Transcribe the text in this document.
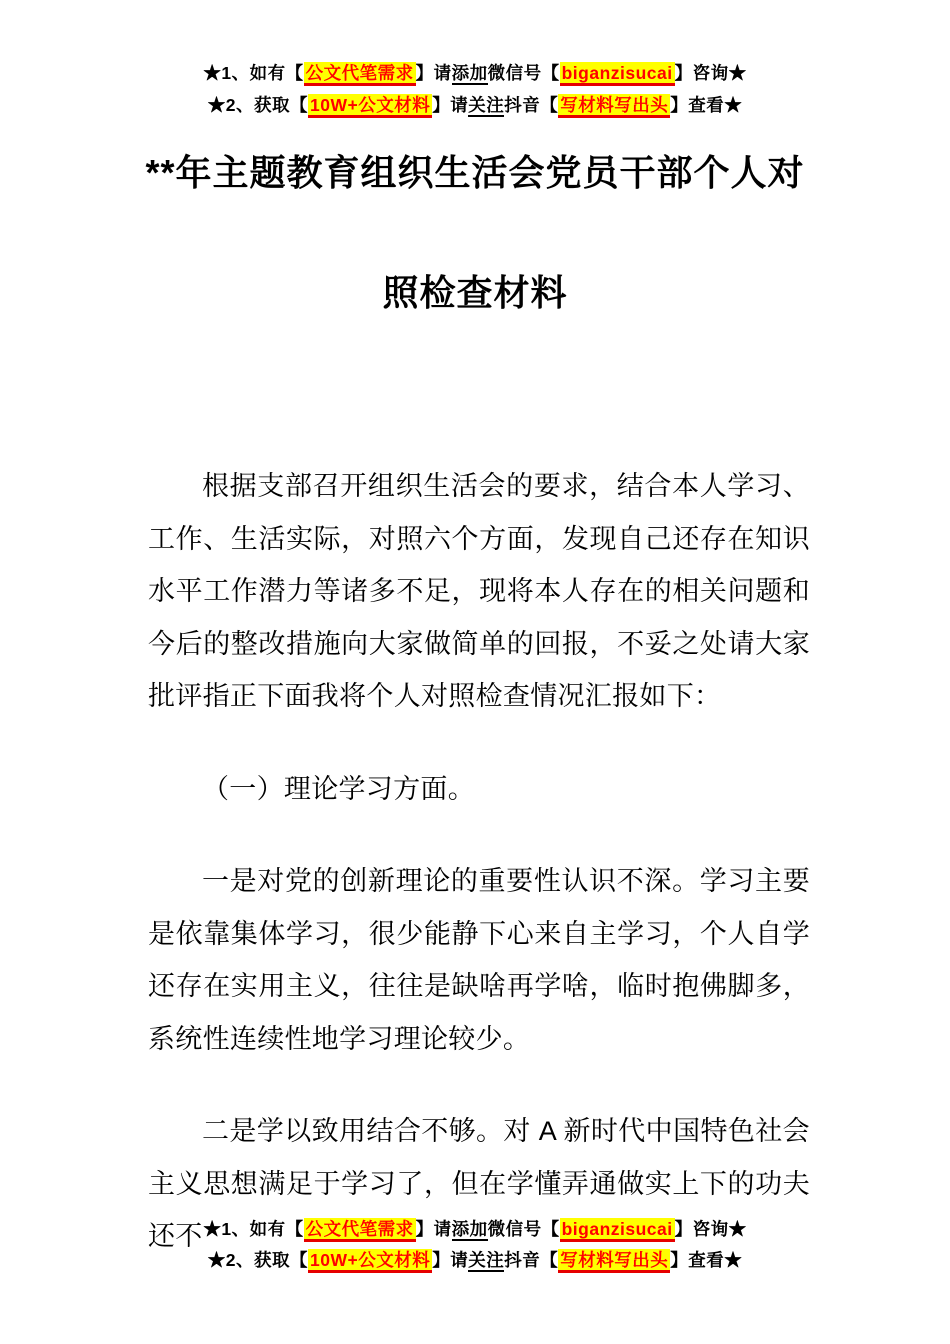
★1、如有【 公文代笔需求 】请添加微信号【 biganzisucai 】咨询★
★2、获取【 10W+公文材料 】请关注抖音【 写材料写出头 】查看★
**年主题教育组织生活会党员干部个人对
照检查材料

根据支部召开组织生活会的要求，结合本人学习、工作、生活实际，对照六个方面，发现自己还存在知识水平工作潜力等诸多不足，现将本人存在的相关问题和今后的整改措施向大家做简单的回报，不妥之处请大家批评指正下面我将个人对照检查情况汇报如下：

（一）理论学习方面。

一是对党的创新理论的重要性认识不深。学习主要是依靠集体学习，很少能静下心来自主学习，个人自学还存在实用主义，往往是缺啥再学啥，临时抱佛脚多，系统性连续性地学习理论较少。

二是学以致用结合不够。对 A 新时代中国特色社会主义思想满足于学习了，但在学懂弄通做实上下的功夫还不 ★1、如有【 公文代笔需求 】请添加微信号【 biganzisucai 】咨询★
★2、获取【 10W+公文材料 】请关注抖音【 写材料写出头 】查看★
